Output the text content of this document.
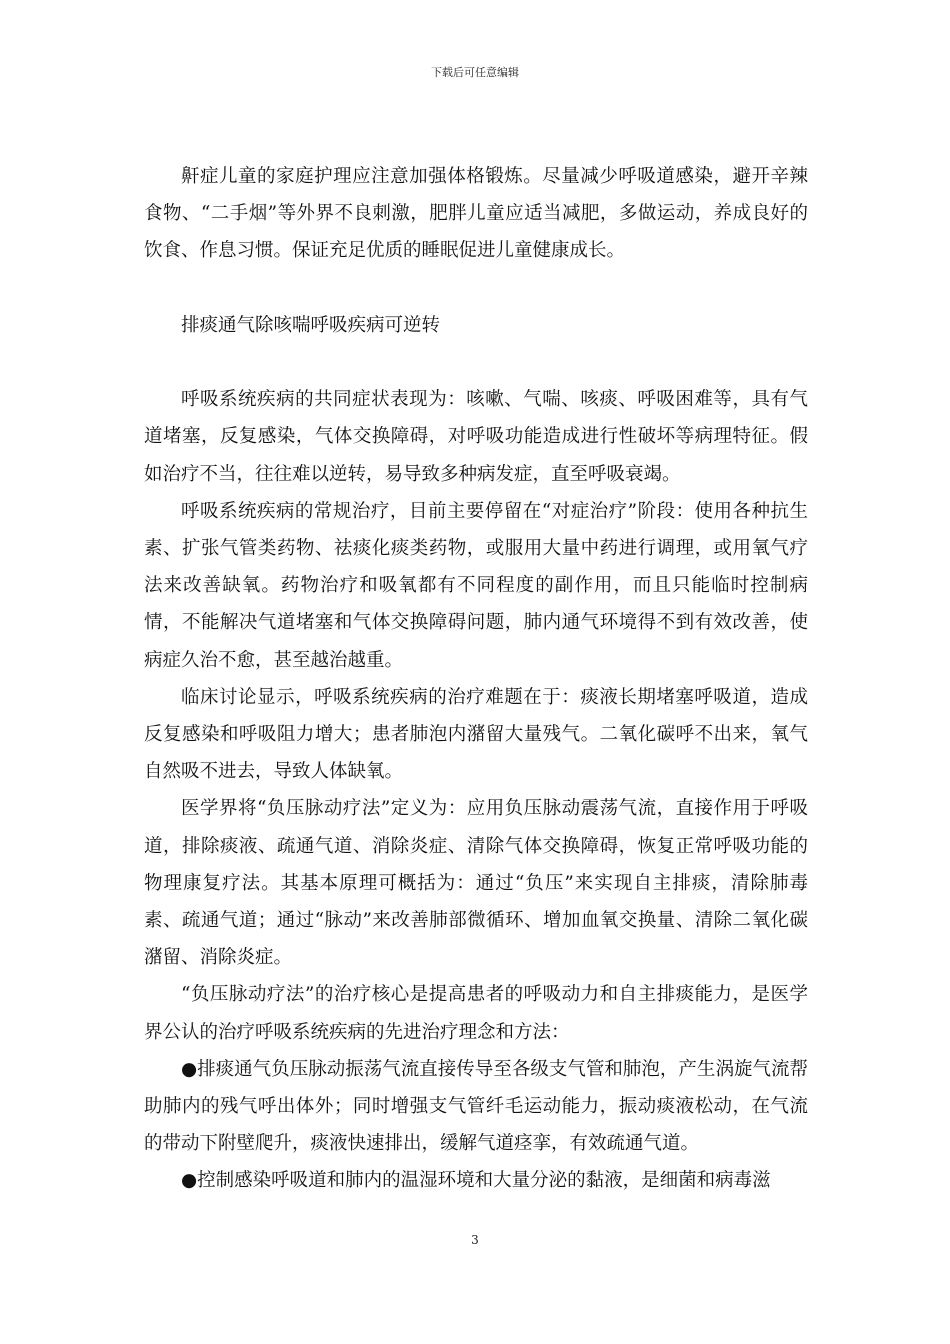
下载后可任意编辑

鼾症儿童的家庭护理应注意加强体格锻炼。尽量减少呼吸道感染，避开辛辣食物、“二手烟”等外界不良刺激，肥胖儿童应适当减肥，多做运动，养成良好的饮食、作息习惯。保证充足优质的睡眠促进儿童健康成长。

排痰通气除咳喘呼吸疾病可逆转

呼吸系统疾病的共同症状表现为：咳嗽、气喘、咳痰、呼吸困难等，具有气道堵塞，反复感染，气体交换障碍，对呼吸功能造成进行性破坏等病理特征。假如治疗不当，往往难以逆转，易导致多种病发症，直至呼吸衰竭。

呼吸系统疾病的常规治疗，目前主要停留在“对症治疗”阶段：使用各种抗生素、扩张气管类药物、祛痰化痰类药物，或服用大量中药进行调理，或用氧气疗法来改善缺氧。药物治疗和吸氧都有不同程度的副作用，而且只能临时控制病情，不能解决气道堵塞和气体交换障碍问题，肺内通气环境得不到有效改善，使病症久治不愈，甚至越治越重。

临床讨论显示，呼吸系统疾病的治疗难题在于：痰液长期堵塞呼吸道，造成反复感染和呼吸阻力增大；患者肺泡内潴留大量残气。二氧化碳呼不出来，氧气自然吸不进去，导致人体缺氧。

医学界将“负压脉动疗法”定义为：应用负压脉动震荡气流，直接作用于呼吸道，排除痰液、疏通气道、消除炎症、清除气体交换障碍，恢复正常呼吸功能的物理康复疗法。其基本原理可概括为：通过“负压”来实现自主排痰，清除肺毒素、疏通气道；通过“脉动”来改善肺部微循环、增加血氧交换量、清除二氧化碳潴留、消除炎症。

“负压脉动疗法”的治疗核心是提高患者的呼吸动力和自主排痰能力，是医学界公认的治疗呼吸系统疾病的先进治疗理念和方法：

●排痰通气负压脉动振荡气流直接传导至各级支气管和肺泡，产生涡旋气流帮助肺内的残气呼出体外；同时增强支气管纤毛运动能力，振动痰液松动，在气流的带动下附壁爬升，痰液快速排出，缓解气道痉挛，有效疏通气道。

●控制感染呼吸道和肺内的温湿环境和大量分泌的黏液，是细菌和病毒滋

3
